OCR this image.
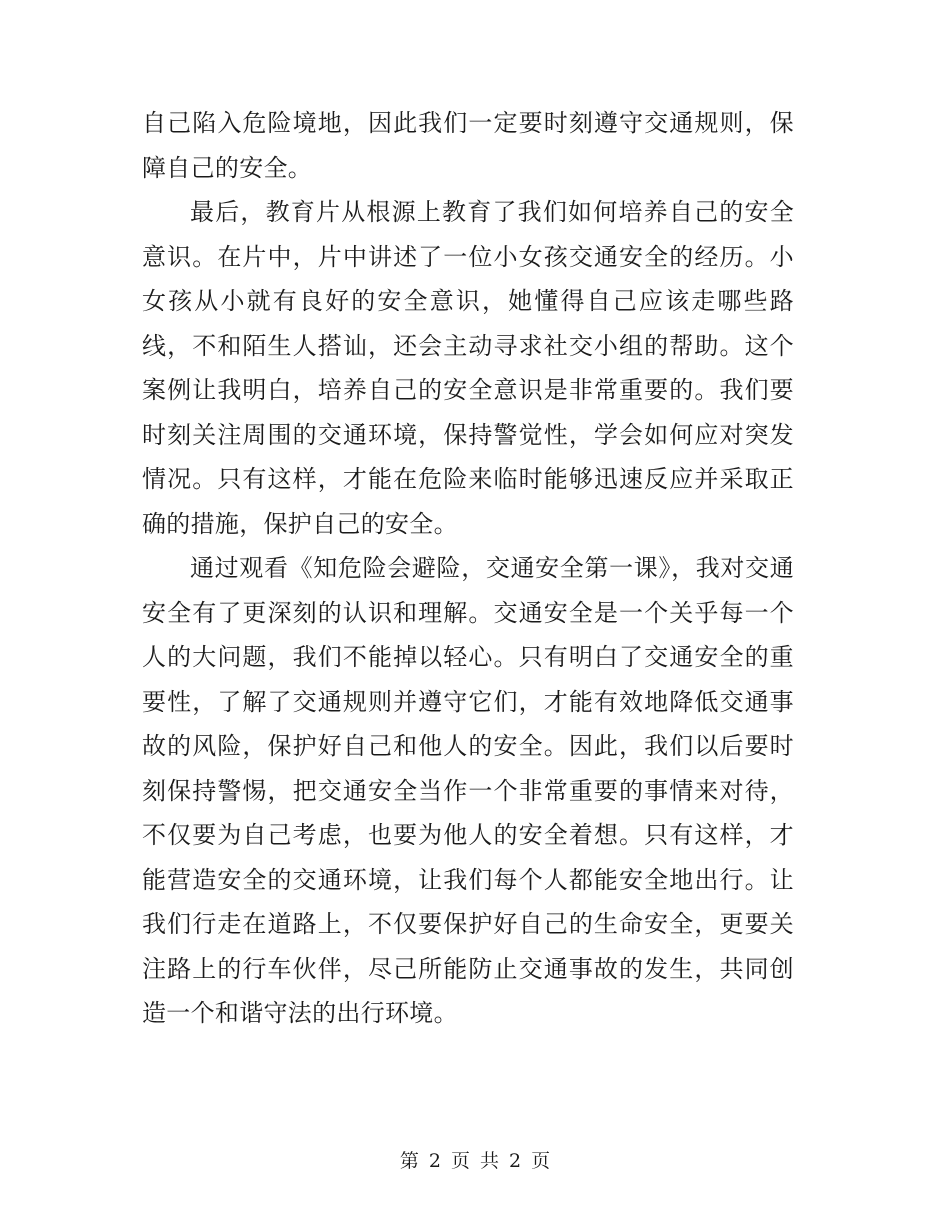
自己陷入危险境地，因此我们一定要时刻遵守交通规则，保障自己的安全。

最后，教育片从根源上教育了我们如何培养自己的安全意识。在片中，片中讲述了一位小女孩交通安全的经历。小女孩从小就有良好的安全意识，她懂得自己应该走哪些路线，不和陌生人搭讪，还会主动寻求社交小组的帮助。这个案例让我明白，培养自己的安全意识是非常重要的。我们要时刻关注周围的交通环境，保持警觉性，学会如何应对突发情况。只有这样，才能在危险来临时能够迅速反应并采取正确的措施，保护自己的安全。

通过观看《知危险会避险，交通安全第一课》，我对交通安全有了更深刻的认识和理解。交通安全是一个关乎每一个人的大问题，我们不能掉以轻心。只有明白了交通安全的重要性，了解了交通规则并遵守它们，才能有效地降低交通事故的风险，保护好自己和他人的安全。因此，我们以后要时刻保持警惕，把交通安全当作一个非常重要的事情来对待，不仅要为自己考虑，也要为他人的安全着想。只有这样，才能营造安全的交通环境，让我们每个人都能安全地出行。让我们行走在道路上，不仅要保护好自己的生命安全，更要关注路上的行车伙伴，尽己所能防止交通事故的发生，共同创造一个和谐守法的出行环境。

第 2 页 共 2 页
